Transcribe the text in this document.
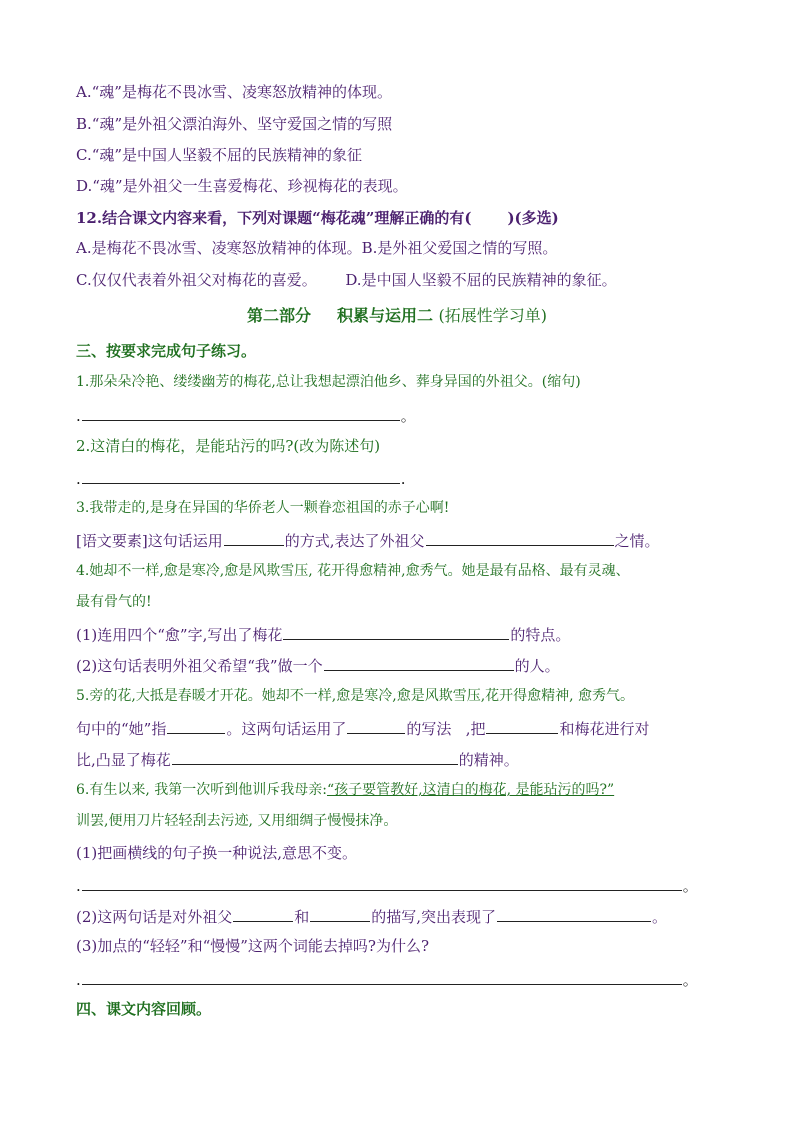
A.“魂”是梅花不畏冰雪、凌寒怒放精神的体现。
B.“魂”是外祖父漂泊海外、坚守爱国之情的写照
C.“魂”是中国人坚毅不屈的民族精神的象征
D.“魂”是外祖父一生喜爱梅花、珍视梅花的表现。
12.结合课文内容来看，下列对课题“梅花魂”理解正确的有( )(多选)
A.是梅花不畏冰雪、凌寒怒放精神的体现。B.是外祖父爱国之情的写照。
C.仅仅代表着外祖父对梅花的喜爱。      D.是中国人坚毅不屈的民族精神的象征。
第二部分 积累与运用二 (拓展性学习单)
三、按要求完成句子练习。
1.那朵朵冷艳、缕缕幽芳的梅花,总让我想起漂泊他乡、葬身异国的外祖父。(缩句)
.	。
2.这清白的梅花，是能玷污的吗?(改为陈述句)
.	.
3.我带走的,是身在异国的华侨老人一颗眷恋祖国的赤子心啊!
[语文要素]这句话运用	的方式,表达了外祖父	之情。
4.她却不一样,愈是寒冷,愈是风欺雪压, 花开得愈精神,愈秀气。她是最有品格、最有灵魂、
最有骨气的!
(1)连用四个“愈”字,写出了梅花	的特点。
(2)这句话表明外祖父希望“我”做一个	的人。
5.旁的花,大抵是春暖才开花。她却不一样,愈是寒冷,愈是风欺雪压,花开得愈精神, 愈秀气。
句中的“她”指	。这两句话运用了	的写法 ,把	和梅花进行对
比,凸显了梅花	的精神。
6.有生以来, 我第一次听到他训斥我母亲:“孩子要管教好,这清白的梅花, 是能玷污的吗?”
训罢,便用刀片轻轻刮去污迹, 又用细绸子慢慢抹净。
(1)把画横线的句子换一种说法,意思不变。
.	。
(2)这两句话是对外祖父	和	的描写,突出表现了	。
(3)加点的“轻轻”和“慢慢”这两个词能去掉吗?为什么?
.	。
四、课文内容回顾。
